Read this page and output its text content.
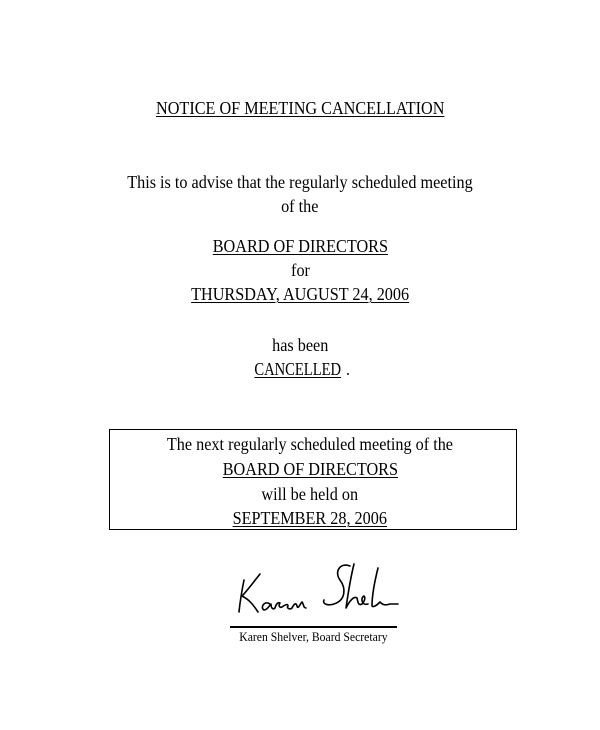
NOTICE OF MEETING CANCELLATION
This is to advise that the regularly scheduled meeting
of the
BOARD OF DIRECTORS
for
THURSDAY, AUGUST 24, 2006
has been
CANCELLED .
The next regularly scheduled meeting of the
BOARD OF DIRECTORS
will be held on
SEPTEMBER 28, 2006
Karen Shelver, Board Secretary
